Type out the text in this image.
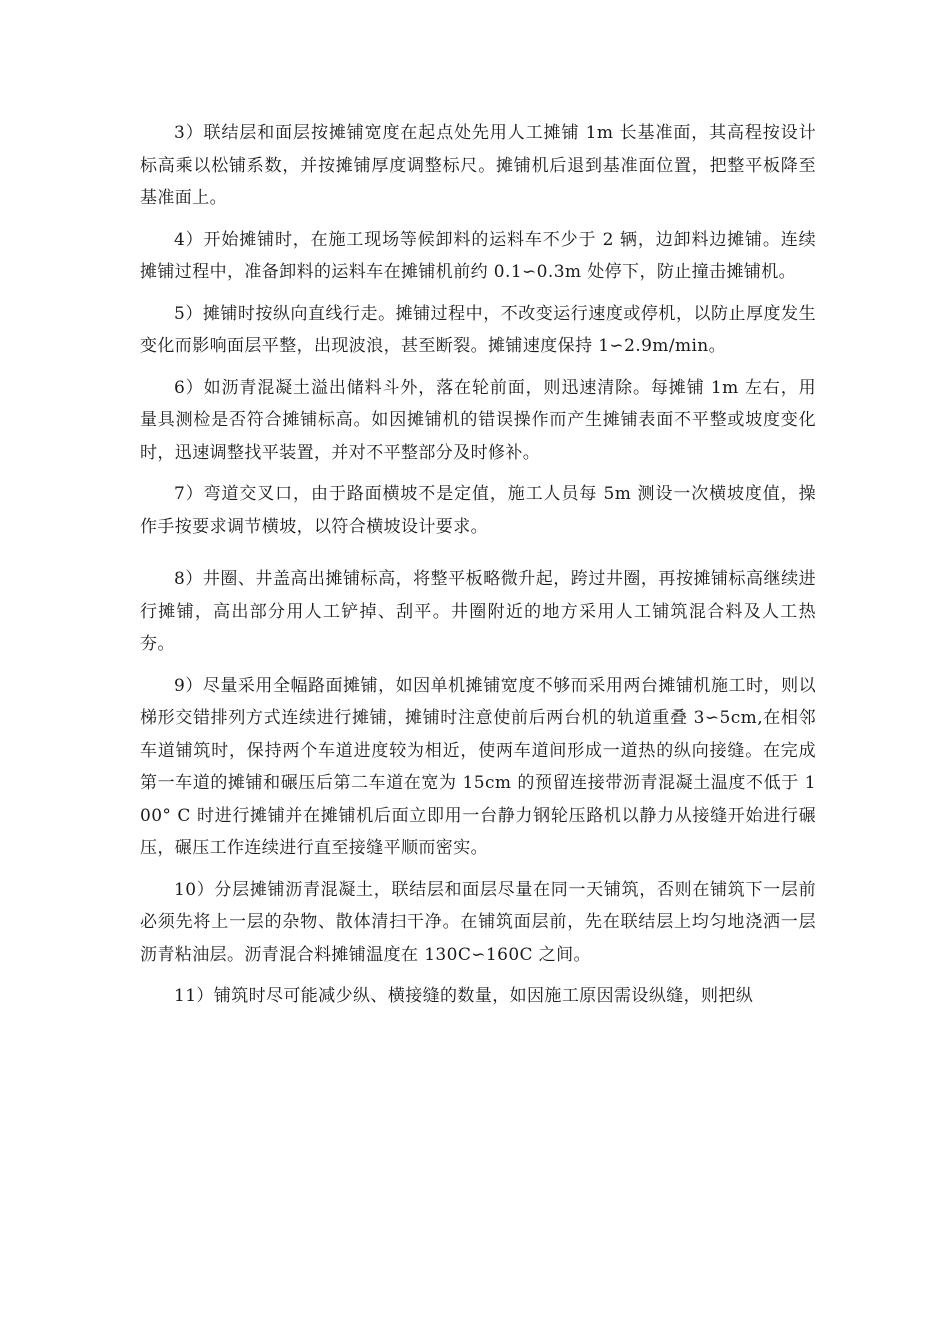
3）联结层和面层按摊铺宽度在起点处先用人工摊铺 1m 长基准面，其高程按设计标高乘以松铺系数，并按摊铺厚度调整标尺。摊铺机后退到基准面位置，把整平板降至基准面上。

4）开始摊铺时，在施工现场等候卸料的运料车不少于 2 辆，边卸料边摊铺。连续摊铺过程中，准备卸料的运料车在摊铺机前约 0.1∽0.3m 处停下，防止撞击摊铺机。

5）摊铺时按纵向直线行走。摊铺过程中，不改变运行速度或停机，以防止厚度发生变化而影响面层平整，出现波浪，甚至断裂。摊铺速度保持 1∽2.9m/min。

6）如沥青混凝土溢出储料斗外，落在轮前面，则迅速清除。每摊铺 1m 左右，用量具测检是否符合摊铺标高。如因摊铺机的错误操作而产生摊铺表面不平整或坡度变化时，迅速调整找平装置，并对不平整部分及时修补。

7）弯道交叉口，由于路面横坡不是定值，施工人员每 5m 测设一次横坡度值，操作手按要求调节横坡，以符合横坡设计要求。

8）井圈、井盖高出摊铺标高，将整平板略微升起，跨过井圈，再按摊铺标高继续进行摊铺，高出部分用人工铲掉、刮平。井圈附近的地方采用人工铺筑混合料及人工热夯。

9）尽量采用全幅路面摊铺，如因单机摊铺宽度不够而采用两台摊铺机施工时，则以梯形交错排列方式连续进行摊铺，摊铺时注意使前后两台机的轨道重叠 3∽5cm,在相邻车道铺筑时，保持两个车道进度较为相近，使两车道间形成一道热的纵向接缝。在完成第一车道的摊铺和碾压后第二车道在宽为 15cm 的预留连接带沥青混凝土温度不低于 100° C 时进行摊铺并在摊铺机后面立即用一台静力钢轮压路机以静力从接缝开始进行碾压，碾压工作连续进行直至接缝平顺而密实。

10）分层摊铺沥青混凝土，联结层和面层尽量在同一天铺筑，否则在铺筑下一层前必须先将上一层的杂物、散体清扫干净。在铺筑面层前，先在联结层上均匀地浇洒一层沥青粘油层。沥青混合料摊铺温度在 130C∽160C 之间。

11）铺筑时尽可能减少纵、横接缝的数量，如因施工原因需设纵缝，则把纵
